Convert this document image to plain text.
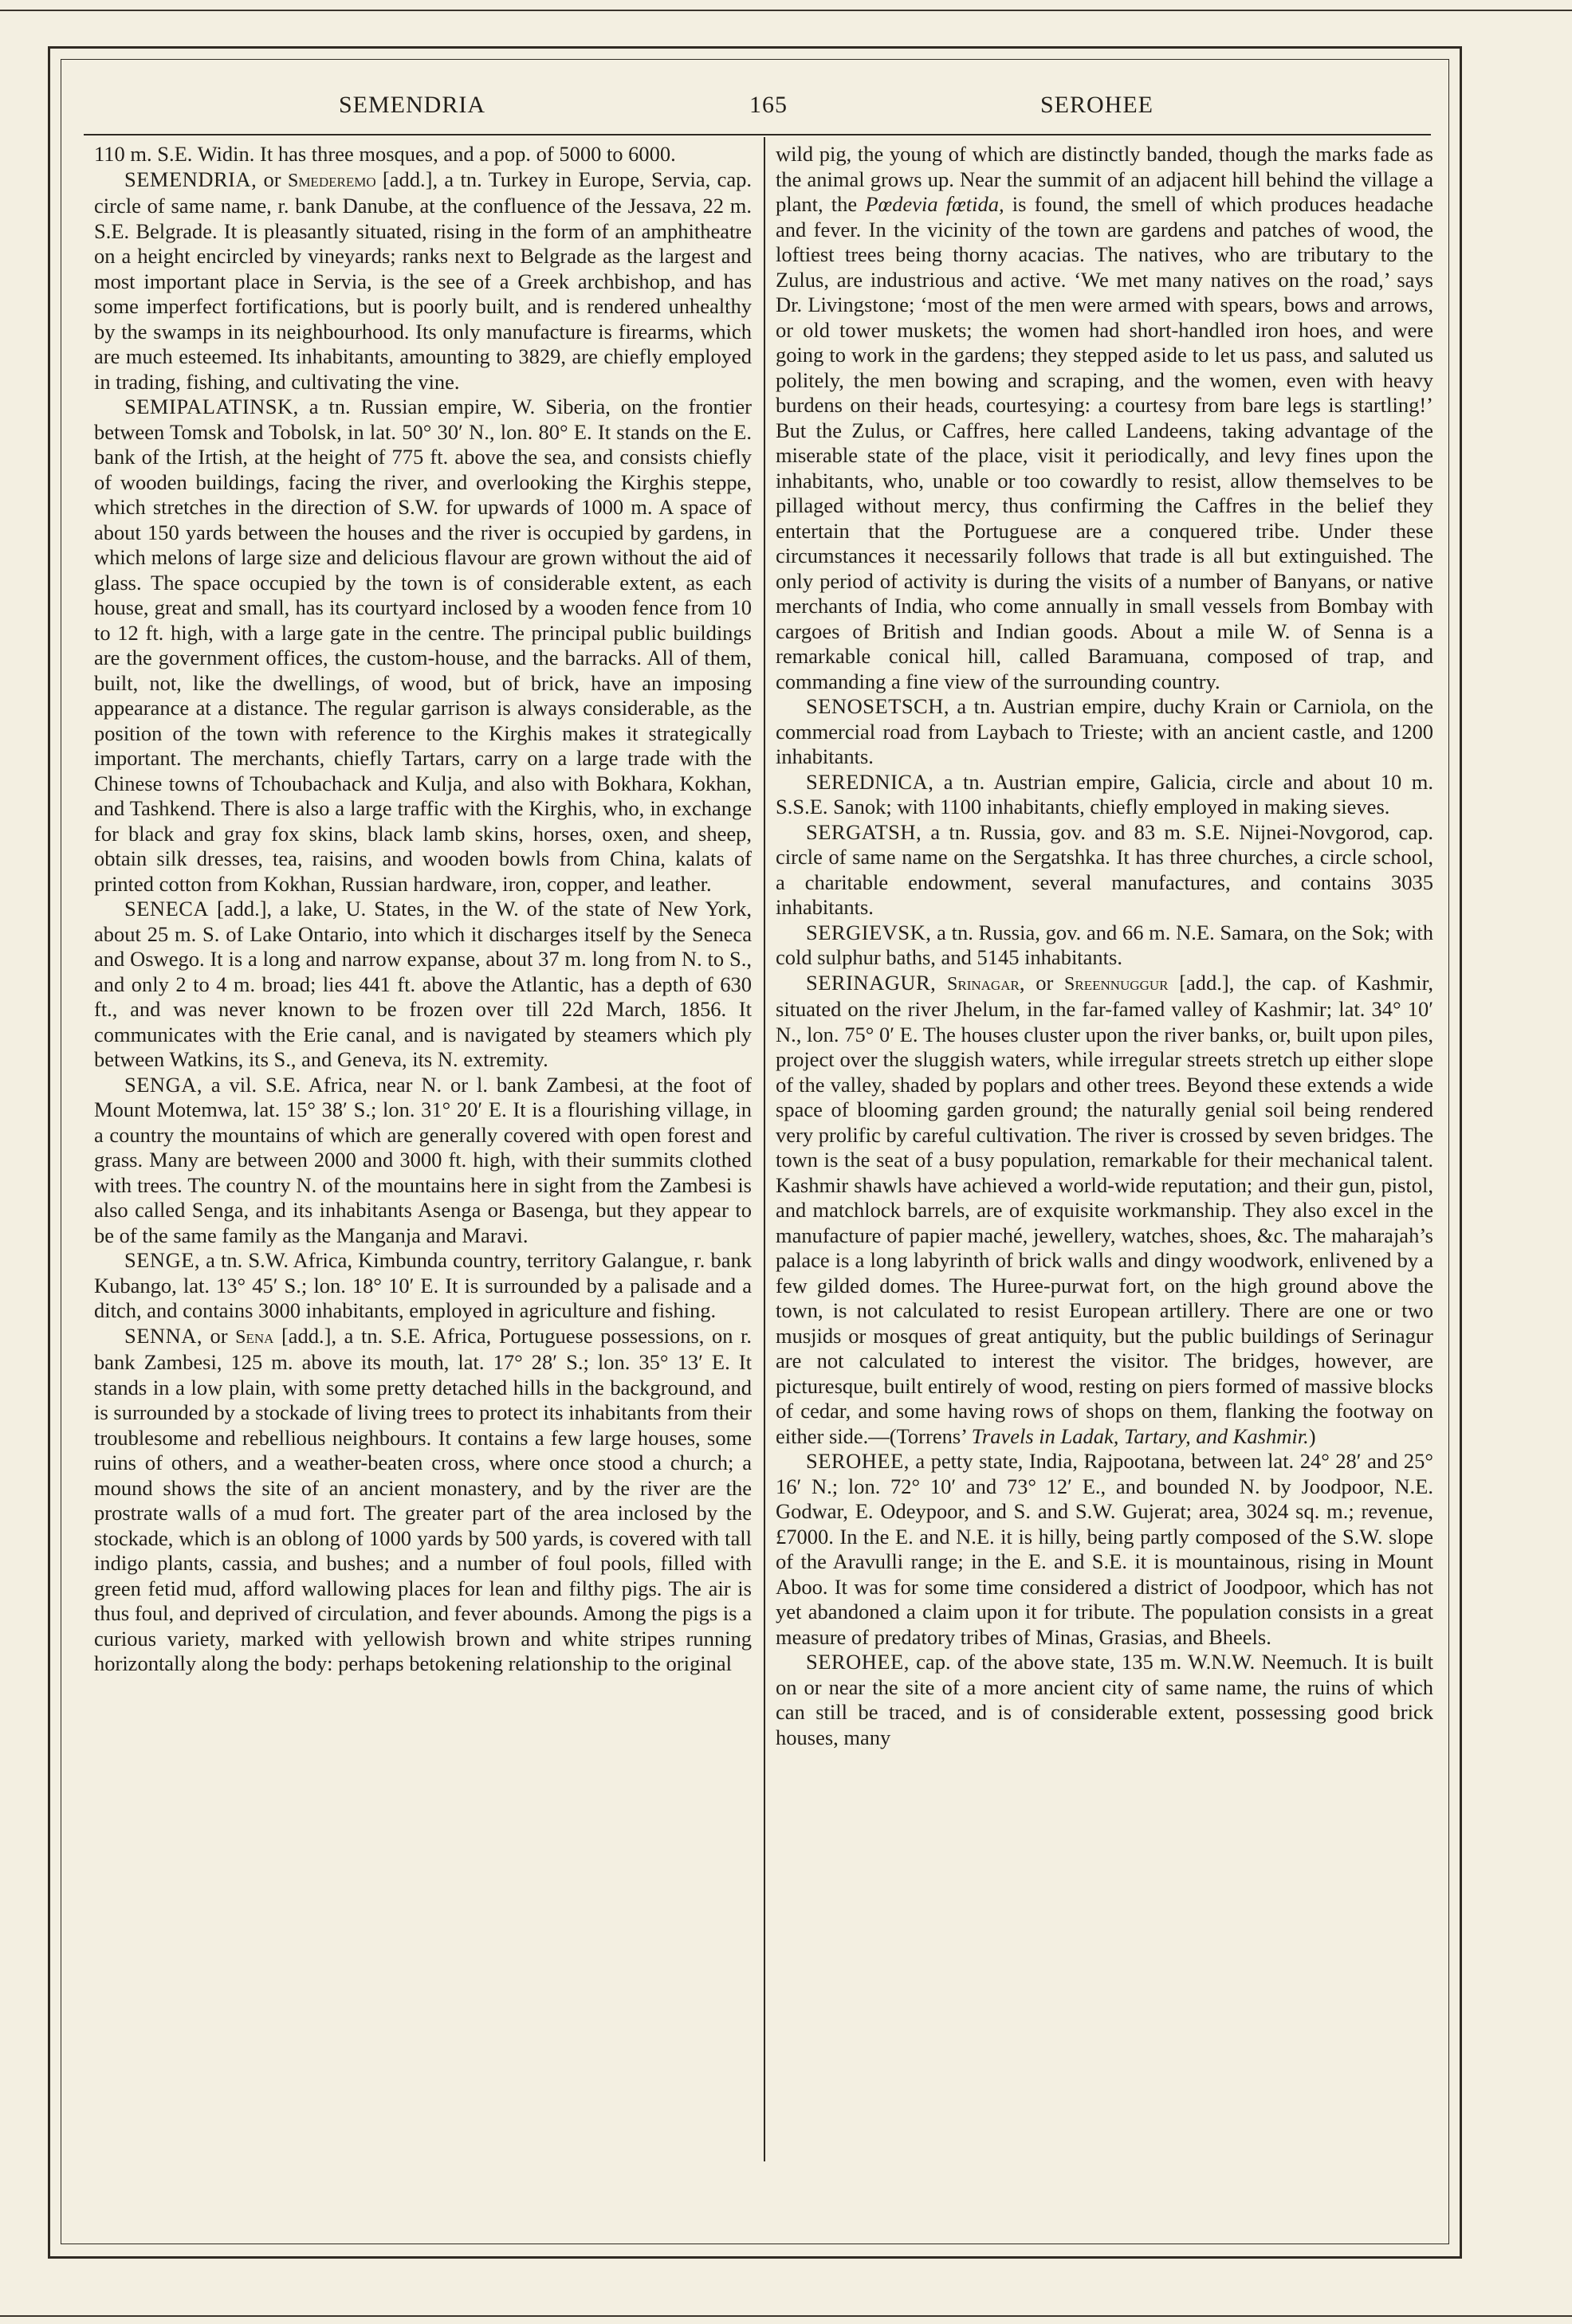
SEMENDRIA	165	SEROHEE

110 m. S.E. Widin. It has three mosques, and a pop. of 5000 to 6000.

SEMENDRIA, or Smederemo [add.], a tn. Turkey in Europe, Servia, cap. circle of same name, r. bank Danube, at the confluence of the Jessava, 22 m. S.E. Belgrade. It is pleasantly situated, rising in the form of an amphitheatre on a height encircled by vineyards; ranks next to Belgrade as the largest and most important place in Servia, is the see of a Greek archbishop, and has some imperfect fortifications, but is poorly built, and is rendered unhealthy by the swamps in its neighbourhood. Its only manufacture is firearms, which are much esteemed. Its inhabitants, amounting to 3829, are chiefly employed in trading, fishing, and cultivating the vine.

SEMIPALATINSK, a tn. Russian empire, W. Siberia, on the frontier between Tomsk and Tobolsk, in lat. 50° 30′ N., lon. 80° E. It stands on the E. bank of the Irtish, at the height of 775 ft. above the sea, and consists chiefly of wooden buildings, facing the river, and overlooking the Kirghis steppe, which stretches in the direction of S.W. for upwards of 1000 m. A space of about 150 yards between the houses and the river is occupied by gardens, in which melons of large size and delicious flavour are grown without the aid of glass. The space occupied by the town is of considerable extent, as each house, great and small, has its courtyard inclosed by a wooden fence from 10 to 12 ft. high, with a large gate in the centre. The principal public buildings are the government offices, the custom-house, and the barracks. All of them, built, not, like the dwellings, of wood, but of brick, have an imposing appearance at a distance. The regular garrison is always considerable, as the position of the town with reference to the Kirghis makes it strategically important. The merchants, chiefly Tartars, carry on a large trade with the Chinese towns of Tchoubachack and Kulja, and also with Bokhara, Kokhan, and Tashkend. There is also a large traffic with the Kirghis, who, in exchange for black and gray fox skins, black lamb skins, horses, oxen, and sheep, obtain silk dresses, tea, raisins, and wooden bowls from China, kalats of printed cotton from Kokhan, Russian hardware, iron, copper, and leather.

SENECA [add.], a lake, U. States, in the W. of the state of New York, about 25 m. S. of Lake Ontario, into which it discharges itself by the Seneca and Oswego. It is a long and narrow expanse, about 37 m. long from N. to S., and only 2 to 4 m. broad; lies 441 ft. above the Atlantic, has a depth of 630 ft., and was never known to be frozen over till 22d March, 1856. It communicates with the Erie canal, and is navigated by steamers which ply between Watkins, its S., and Geneva, its N. extremity.

SENGA, a vil. S.E. Africa, near N. or l. bank Zambesi, at the foot of Mount Motemwa, lat. 15° 38′ S.; lon. 31° 20′ E. It is a flourishing village, in a country the mountains of which are generally covered with open forest and grass. Many are between 2000 and 3000 ft. high, with their summits clothed with trees. The country N. of the mountains here in sight from the Zambesi is also called Senga, and its inhabitants Asenga or Basenga, but they appear to be of the same family as the Manganja and Maravi.

SENGE, a tn. S.W. Africa, Kimbunda country, territory Galangue, r. bank Kubango, lat. 13° 45′ S.; lon. 18° 10′ E. It is surrounded by a palisade and a ditch, and contains 3000 inhabitants, employed in agriculture and fishing.

SENNA, or Sena [add.], a tn. S.E. Africa, Portuguese possessions, on r. bank Zambesi, 125 m. above its mouth, lat. 17° 28′ S.; lon. 35° 13′ E. It stands in a low plain, with some pretty detached hills in the background, and is surrounded by a stockade of living trees to protect its inhabitants from their troublesome and rebellious neighbours. It contains a few large houses, some ruins of others, and a weather-beaten cross, where once stood a church; a mound shows the site of an ancient monastery, and by the river are the prostrate walls of a mud fort. The greater part of the area inclosed by the stockade, which is an oblong of 1000 yards by 500 yards, is covered with tall indigo plants, cassia, and bushes; and a number of foul pools, filled with green fetid mud, afford wallowing places for lean and filthy pigs. The air is thus foul, and deprived of circulation, and fever abounds. Among the pigs is a curious variety, marked with yellowish brown and white stripes running horizontally along the body: perhaps betokening relationship to the original

wild pig, the young of which are distinctly banded, though the marks fade as the animal grows up. Near the summit of an adjacent hill behind the village a plant, the Pœdevia fœtida, is found, the smell of which produces headache and fever. In the vicinity of the town are gardens and patches of wood, the loftiest trees being thorny acacias. The natives, who are tributary to the Zulus, are industrious and active. ‘We met many natives on the road,’ says Dr. Livingstone; ‘most of the men were armed with spears, bows and arrows, or old tower muskets; the women had short-handled iron hoes, and were going to work in the gardens; they stepped aside to let us pass, and saluted us politely, the men bowing and scraping, and the women, even with heavy burdens on their heads, courtesying: a courtesy from bare legs is startling!’ But the Zulus, or Caffres, here called Landeens, taking advantage of the miserable state of the place, visit it periodically, and levy fines upon the inhabitants, who, unable or too cowardly to resist, allow themselves to be pillaged without mercy, thus confirming the Caffres in the belief they entertain that the Portuguese are a conquered tribe. Under these circumstances it necessarily follows that trade is all but extinguished. The only period of activity is during the visits of a number of Banyans, or native merchants of India, who come annually in small vessels from Bombay with cargoes of British and Indian goods. About a mile W. of Senna is a remarkable conical hill, called Baramuana, composed of trap, and commanding a fine view of the surrounding country.

SENOSETSCH, a tn. Austrian empire, duchy Krain or Carniola, on the commercial road from Laybach to Trieste; with an ancient castle, and 1200 inhabitants.

SEREDNICA, a tn. Austrian empire, Galicia, circle and about 10 m. S.S.E. Sanok; with 1100 inhabitants, chiefly employed in making sieves.

SERGATSH, a tn. Russia, gov. and 83 m. S.E. Nijnei-Novgorod, cap. circle of same name on the Sergatshka. It has three churches, a circle school, a charitable endowment, several manufactures, and contains 3035 inhabitants.

SERGIEVSK, a tn. Russia, gov. and 66 m. N.E. Samara, on the Sok; with cold sulphur baths, and 5145 inhabitants.

SERINAGUR, Srinagar, or Sreennuggur [add.], the cap. of Kashmir, situated on the river Jhelum, in the far-famed valley of Kashmir; lat. 34° 10′ N., lon. 75° 0′ E. The houses cluster upon the river banks, or, built upon piles, project over the sluggish waters, while irregular streets stretch up either slope of the valley, shaded by poplars and other trees. Beyond these extends a wide space of blooming garden ground; the naturally genial soil being rendered very prolific by careful cultivation. The river is crossed by seven bridges. The town is the seat of a busy population, remarkable for their mechanical talent. Kashmir shawls have achieved a world-wide reputation; and their gun, pistol, and matchlock barrels, are of exquisite workmanship. They also excel in the manufacture of papier maché, jewellery, watches, shoes, &c. The maharajah’s palace is a long labyrinth of brick walls and dingy woodwork, enlivened by a few gilded domes. The Huree-purwat fort, on the high ground above the town, is not calculated to resist European artillery. There are one or two musjids or mosques of great antiquity, but the public buildings of Serinagur are not calculated to interest the visitor. The bridges, however, are picturesque, built entirely of wood, resting on piers formed of massive blocks of cedar, and some having rows of shops on them, flanking the footway on either side.—(Torrens’ Travels in Ladak, Tartary, and Kashmir.)

SEROHEE, a petty state, India, Rajpootana, between lat. 24° 28′ and 25° 16′ N.; lon. 72° 10′ and 73° 12′ E., and bounded N. by Joodpoor, N.E. Godwar, E. Odeypoor, and S. and S.W. Gujerat; area, 3024 sq. m.; revenue, £7000. In the E. and N.E. it is hilly, being partly composed of the S.W. slope of the Aravulli range; in the E. and S.E. it is mountainous, rising in Mount Aboo. It was for some time considered a district of Joodpoor, which has not yet abandoned a claim upon it for tribute. The population consists in a great measure of predatory tribes of Minas, Grasias, and Bheels.

SEROHEE, cap. of the above state, 135 m. W.N.W. Neemuch. It is built on or near the site of a more ancient city of same name, the ruins of which can still be traced, and is of considerable extent, possessing good brick houses, many
